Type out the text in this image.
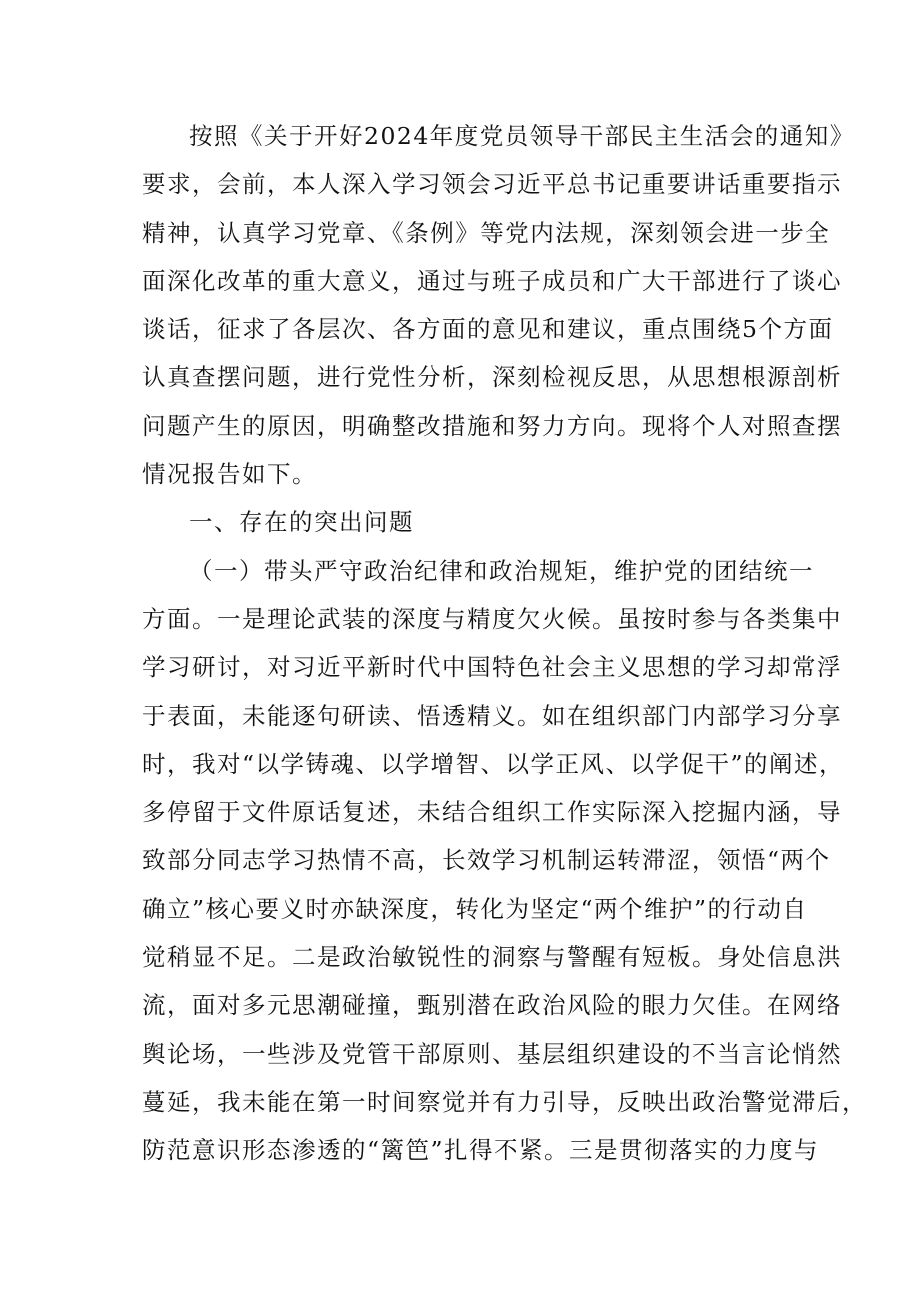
按照《关于开好2024年度党员领导干部民主生活会的通知》
要求，会前，本人深入学习领会习近平总书记重要讲话重要指示
精神，认真学习党章、《条例》等党内法规，深刻领会进一步全
面深化改革的重大意义，通过与班子成员和广大干部进行了谈心
谈话，征求了各层次、各方面的意见和建议，重点围绕5个方面
认真查摆问题，进行党性分析，深刻检视反思，从思想根源剖析
问题产生的原因，明确整改措施和努力方向。现将个人对照查摆
情况报告如下。
一、存在的突出问题
（一）带头严守政治纪律和政治规矩，维护党的团结统一
方面。一是理论武装的深度与精度欠火候。虽按时参与各类集中
学习研讨，对习近平新时代中国特色社会主义思想的学习却常浮
于表面，未能逐句研读、悟透精义。如在组织部门内部学习分享
时，我对“以学铸魂、以学增智、以学正风、以学促干”的阐述，
多停留于文件原话复述，未结合组织工作实际深入挖掘内涵，导
致部分同志学习热情不高，长效学习机制运转滞涩，领悟“两个
确立”核心要义时亦缺深度，转化为坚定“两个维护”的行动自
觉稍显不足。二是政治敏锐性的洞察与警醒有短板。身处信息洪
流，面对多元思潮碰撞，甄别潜在政治风险的眼力欠佳。在网络
舆论场，一些涉及党管干部原则、基层组织建设的不当言论悄然
蔓延，我未能在第一时间察觉并有力引导，反映出政治警觉滞后，
防范意识形态渗透的“篱笆”扎得不紧。三是贯彻落实的力度与
